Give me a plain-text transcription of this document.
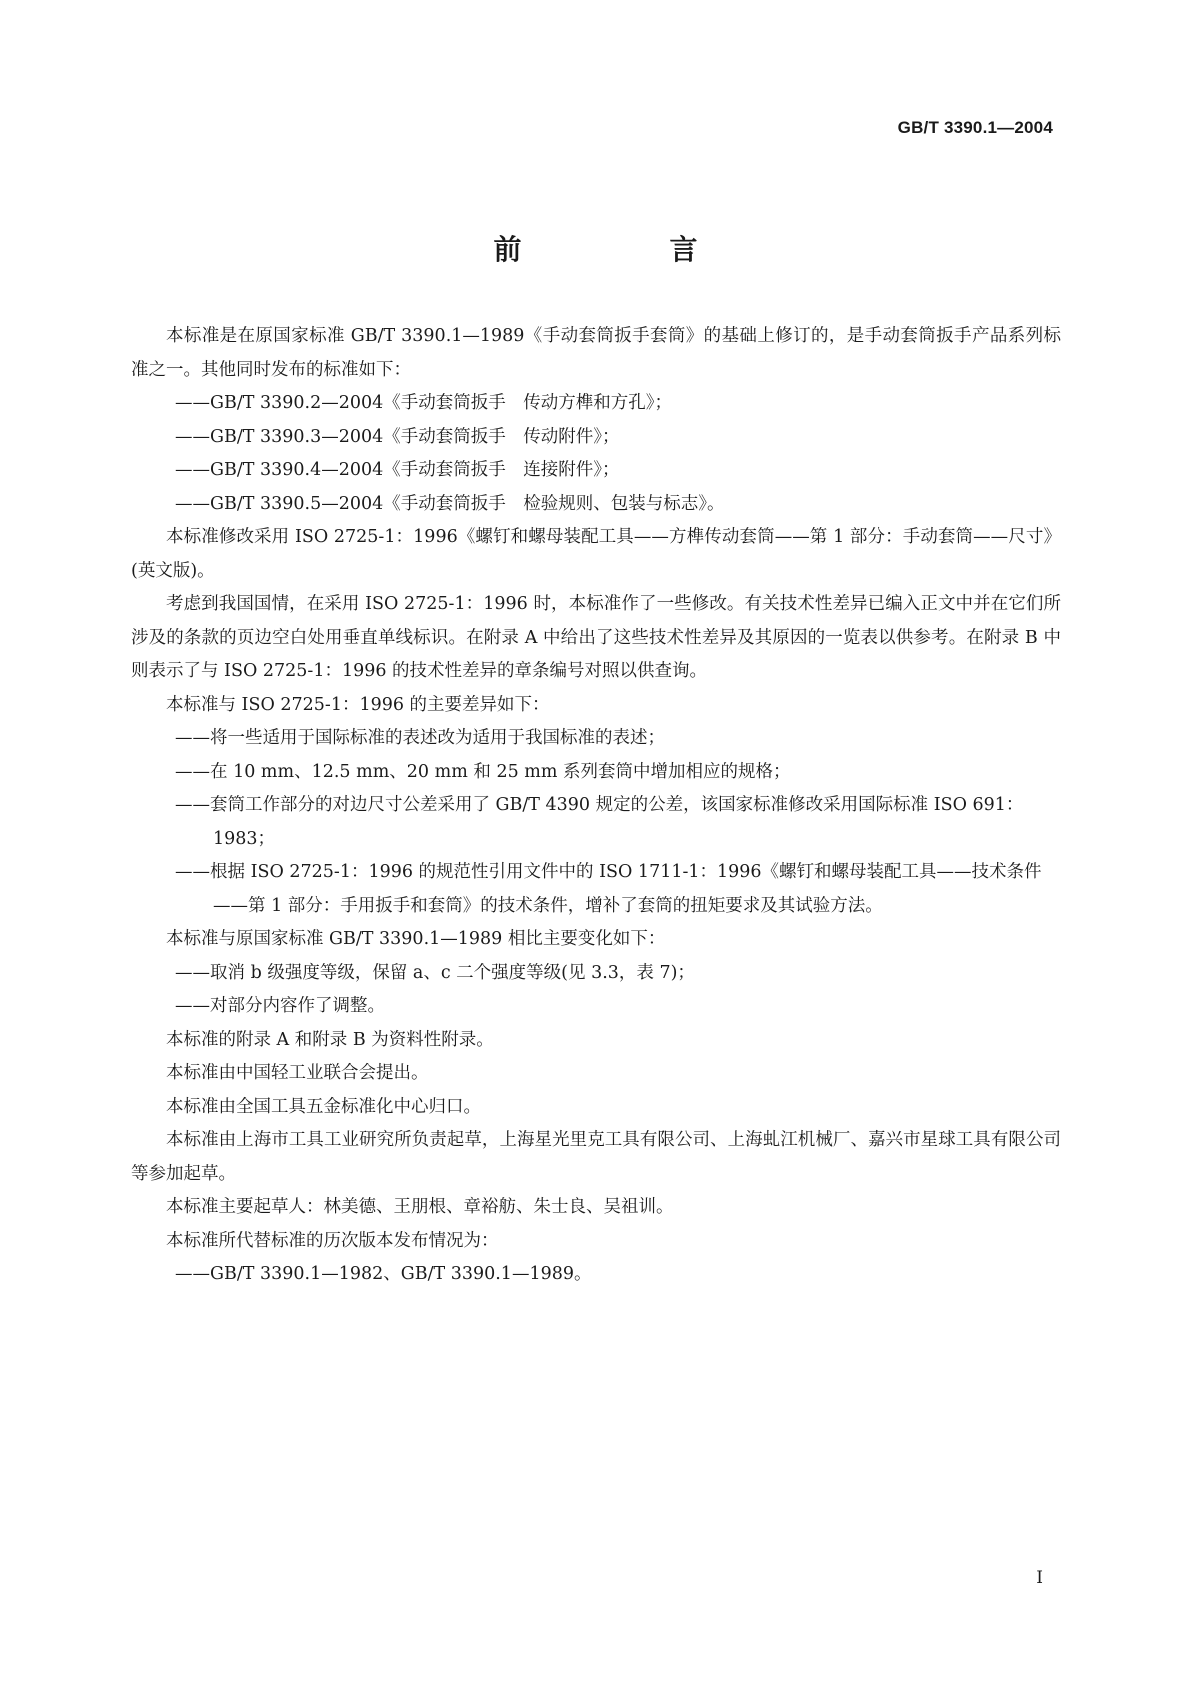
GB/T 3390.1—2004
前　言

本标准是在原国家标准 GB/T 3390.1—1989《手动套筒扳手套筒》的基础上修订的，是手动套筒扳手产品系列标准之一。其他同时发布的标准如下：

——GB/T 3390.2—2004《手动套筒扳手　传动方榫和方孔》；

——GB/T 3390.3—2004《手动套筒扳手　传动附件》；

——GB/T 3390.4—2004《手动套筒扳手　连接附件》；

——GB/T 3390.5—2004《手动套筒扳手　检验规则、包装与标志》。

本标准修改采用 ISO 2725-1：1996《螺钉和螺母装配工具——方榫传动套筒——第 1 部分：手动套筒——尺寸》(英文版)。

考虑到我国国情，在采用 ISO 2725-1：1996 时，本标准作了一些修改。有关技术性差异已编入正文中并在它们所涉及的条款的页边空白处用垂直单线标识。在附录 A 中给出了这些技术性差异及其原因的一览表以供参考。在附录 B 中则表示了与 ISO 2725-1：1996 的技术性差异的章条编号对照以供查询。

本标准与 ISO 2725-1：1996 的主要差异如下：

——将一些适用于国际标准的表述改为适用于我国标准的表述；

——在 10 mm、12.5 mm、20 mm 和 25 mm 系列套筒中增加相应的规格；

——套筒工作部分的对边尺寸公差采用了 GB/T 4390 规定的公差，该国家标准修改采用国际标准 ISO 691：1983；

——根据 ISO 2725-1：1996 的规范性引用文件中的 ISO 1711-1：1996《螺钉和螺母装配工具——技术条件——第 1 部分：手用扳手和套筒》的技术条件，增补了套筒的扭矩要求及其试验方法。

本标准与原国家标准 GB/T 3390.1—1989 相比主要变化如下：

——取消 b 级强度等级，保留 a、c 二个强度等级(见 3.3，表 7)；

——对部分内容作了调整。

本标准的附录 A 和附录 B 为资料性附录。

本标准由中国轻工业联合会提出。

本标准由全国工具五金标准化中心归口。

本标准由上海市工具工业研究所负责起草，上海星光里克工具有限公司、上海虬江机械厂、嘉兴市星球工具有限公司等参加起草。

本标准主要起草人：林美德、王朋根、章裕舫、朱士良、吴祖训。

本标准所代替标准的历次版本发布情况为：

——GB/T 3390.1—1982、GB/T 3390.1—1989。

I
